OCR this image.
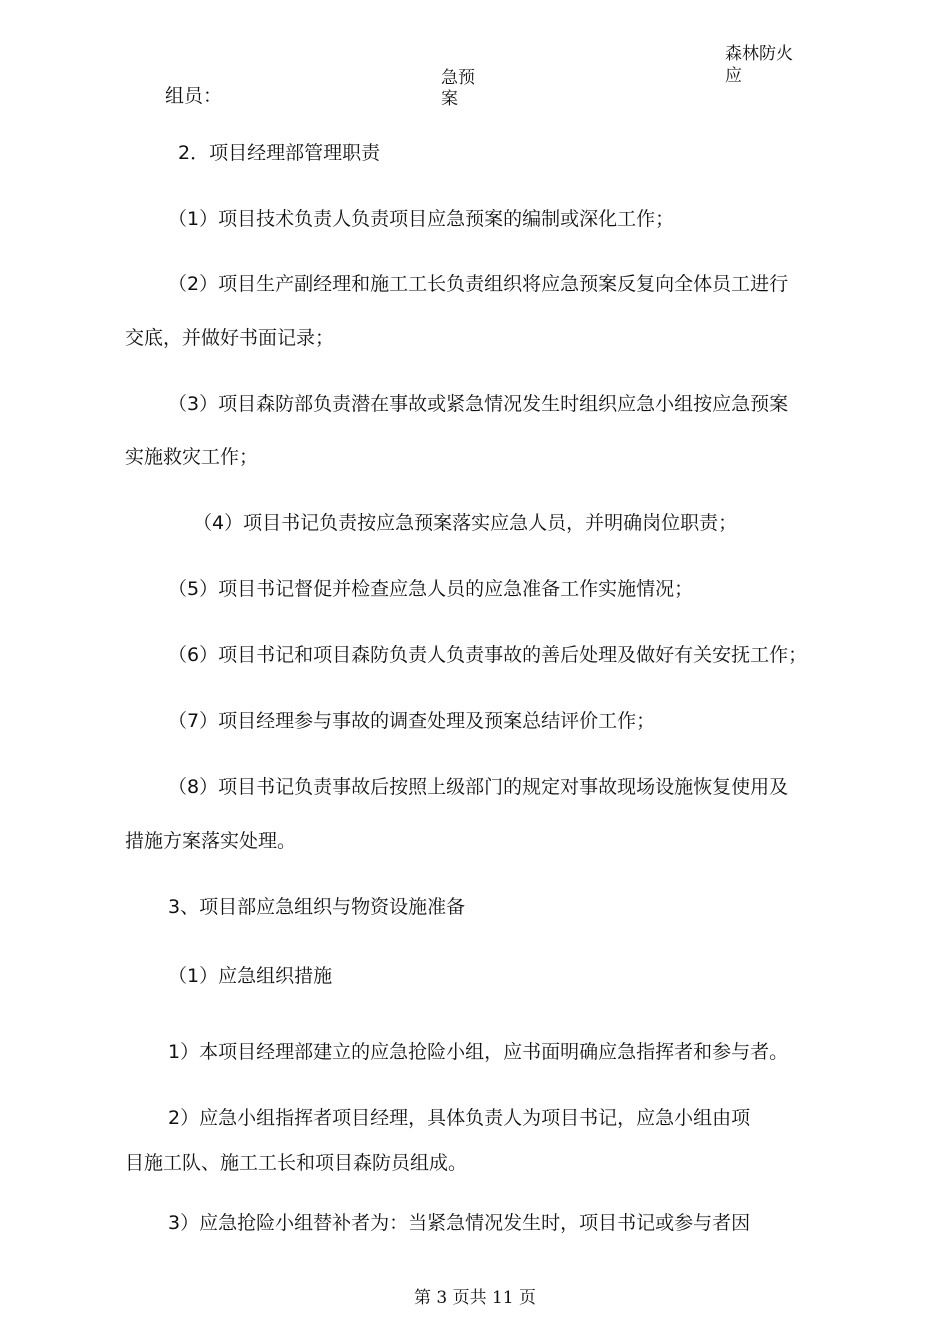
组员：

急预

案

森林防火

应

2．项目经理部管理职责

（1）项目技术负责人负责项目应急预案的编制或深化工作；

（2）项目生产副经理和施工工长负责组织将应急预案反复向全体员工进行

交底，并做好书面记录；

（3）项目森防部负责潜在事故或紧急情况发生时组织应急小组按应急预案

实施救灾工作；

（4）项目书记负责按应急预案落实应急人员，并明确岗位职责；

（5）项目书记督促并检查应急人员的应急准备工作实施情况；

（6）项目书记和项目森防负责人负责事故的善后处理及做好有关安抚工作；

（7）项目经理参与事故的调查处理及预案总结评价工作；

（8）项目书记负责事故后按照上级部门的规定对事故现场设施恢复使用及

措施方案落实处理。

3、项目部应急组织与物资设施准备

（1）应急组织措施

1）本项目经理部建立的应急抢险小组，应书面明确应急指挥者和参与者。

2）应急小组指挥者项目经理，具体负责人为项目书记，应急小组由项

目施工队、施工工长和项目森防员组成。

3）应急抢险小组替补者为：当紧急情况发生时，项目书记或参与者因

第 3 页共 11 页
